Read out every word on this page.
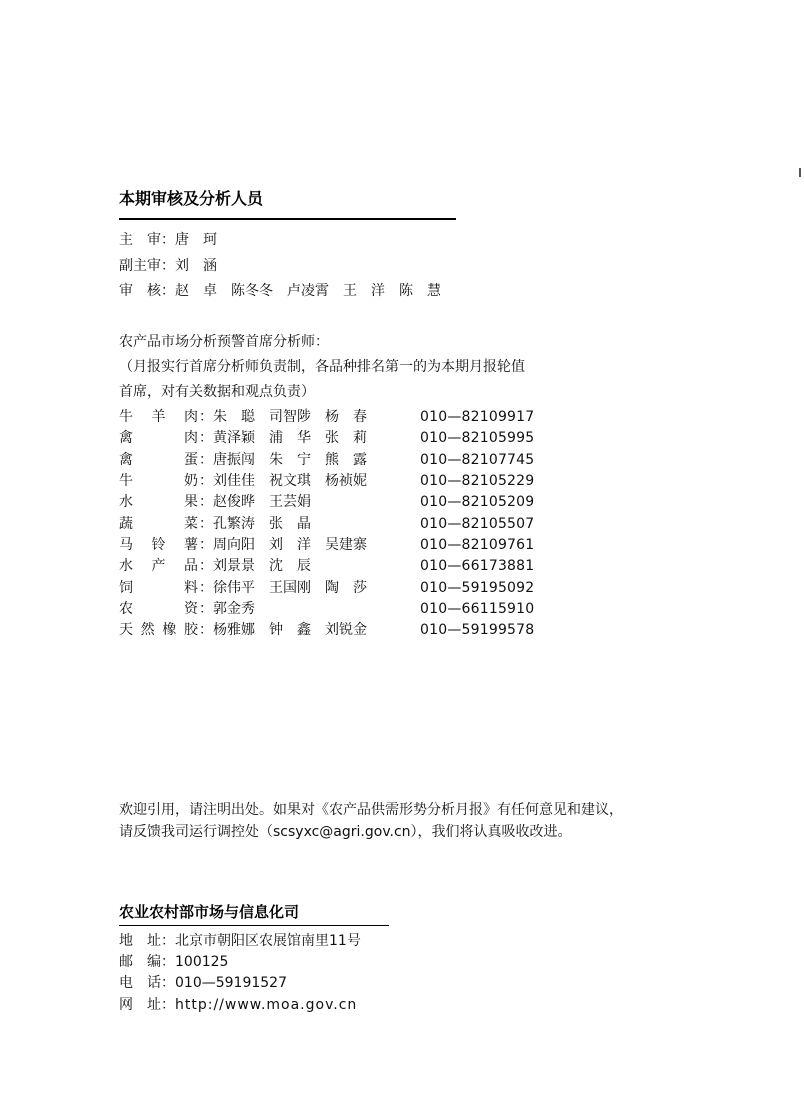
本期审核及分析人员
主　审：唐　珂
副主审：刘　涵
审　核：赵　卓　陈冬冬　卢凌霄　王　洋　陈　慧
农产品市场分析预警首席分析师：
（月报实行首席分析师负责制，各品种排名第一的为本期月报轮值
首席，对有关数据和观点负责）
牛羊肉 ：朱　聪　司智陟　杨　春	010—82109917
禽肉 ：黄泽颖　浦　华　张　莉	010—82105995
禽蛋 ：唐振闯　朱　宁　熊　露	010—82107745
牛奶 ：刘佳佳　祝文琪　杨祯妮	010—82105229
水果 ：赵俊晔　王芸娟	010—82105209
蔬菜 ：孔繁涛　张　晶	010—82105507
马铃薯 ：周向阳　刘　洋　吴建寨	010—82109761
水产品 ：刘景景　沈　辰	010—66173881
饲料 ：徐伟平　王国刚　陶　莎	010—59195092
农资 ：郭金秀	010—66115910
天然橡胶 ：杨雅娜　钟　鑫　刘锐金	010—59199578
欢迎引用，请注明出处。如果对《农产品供需形势分析月报》有任何意见和建议，
请反馈我司运行调控处（scsyxc@agri.gov.cn），我们将认真吸收改进。
农业农村部市场与信息化司
地　址：北京市朝阳区农展馆南里11号
邮　编：100125
电　话：010—59191527
网　址：http://www.moa.gov.cn
